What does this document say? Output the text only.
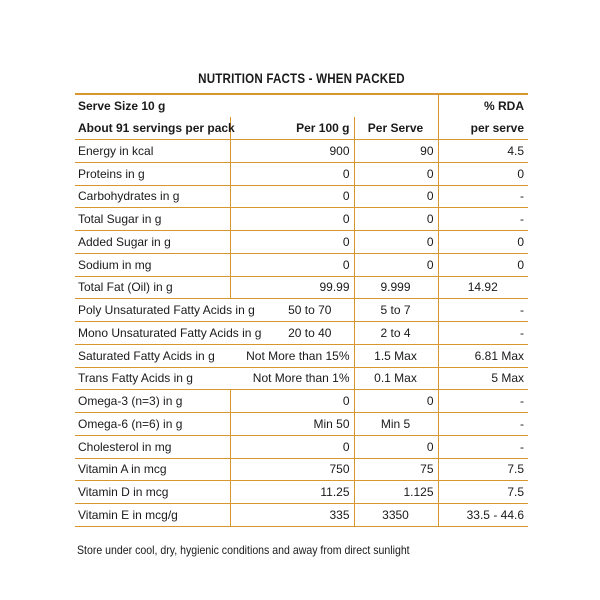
NUTRITION FACTS - WHEN PACKED
Serve Size 10 g			% RDA
About 91 servings per pack	Per 100 g	Per Serve	per serve
Energy in kcal	900	90	4.5
Proteins in g	0	0	0
Carbohydrates in g	0	0	-
Total Sugar in g	0	0	-
Added Sugar in g	0	0	0
Sodium in mg	0	0	0
Total Fat (Oil) in g	99.99	9.999	14.92
Poly Unsaturated Fatty Acids in g	50 to 70	5 to 7	-
Mono Unsaturated Fatty Acids in g	20 to 40	2 to 4	-
Saturated Fatty Acids in g	Not More than 15%	1.5 Max	6.81 Max
Trans Fatty Acids in g	Not More than 1%	0.1 Max	5 Max
Omega-3 (n=3) in g	0	0	-
Omega-6 (n=6) in g	Min 50	Min 5	-
Cholesterol in mg	0	0	-
Vitamin A in mcg	750	75	7.5
Vitamin D in mcg	11.25	1.125	7.5
Vitamin E in mcg/g	335	3350	33.5 - 44.6
Store under cool, dry, hygienic conditions and away from direct sunlight
